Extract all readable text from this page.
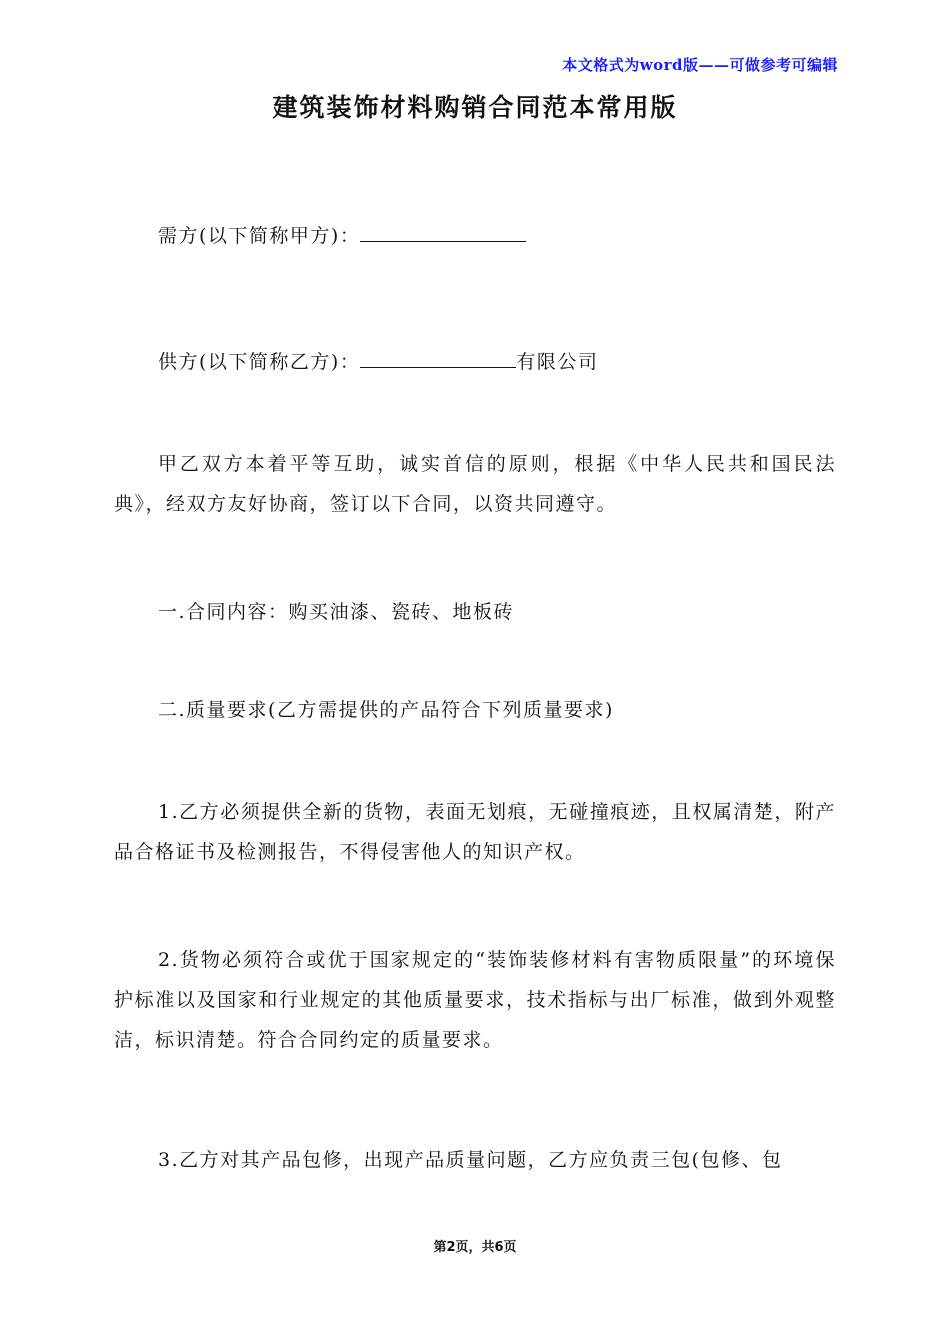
本文格式为word版——可做参考可编辑
建筑装饰材料购销合同范本常用版

需方(以下简称甲方)：

供方(以下简称乙方)：	有限公司

甲乙双方本着平等互助，诚实首信的原则，根据《中华人民共和国民法典》，经双方友好协商，签订以下合同，以资共同遵守。

一.合同内容：购买油漆、瓷砖、地板砖

二.质量要求(乙方需提供的产品符合下列质量要求)

1.乙方必须提供全新的货物，表面无划痕，无碰撞痕迹，且权属清楚，附产品合格证书及检测报告，不得侵害他人的知识产权。

2.货物必须符合或优于国家规定的“装饰装修材料有害物质限量”的环境保护标准以及国家和行业规定的其他质量要求，技术指标与出厂标准，做到外观整洁，标识清楚。符合合同约定的质量要求。

3.乙方对其产品包修，出现产品质量问题，乙方应负责三包(包修、包

第2页，共6页
